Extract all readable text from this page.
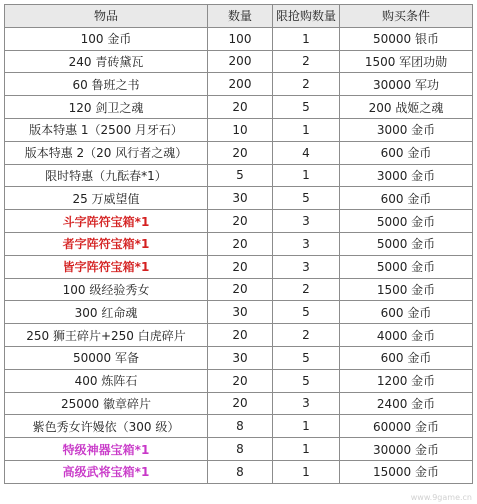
物品	数量	限抢购数量	购买条件
100 金币	100	1	50000 银币
240 青砖黛瓦	200	2	1500 军团功勋
60 鲁班之书	200	2	30000 军功
120 剑卫之魂	20	5	200 战姬之魂
版本特惠 1（2500 月牙石）	10	1	3000 金币
版本特惠 2（20 风行者之魂）	20	4	600 金币
限时特惠（九酝春*1）	5	1	3000 金币
25 万威望值	30	5	600 金币
斗字阵符宝箱*1	20	3	5000 金币
者字阵符宝箱*1	20	3	5000 金币
皆字阵符宝箱*1	20	3	5000 金币
100 级经验秀女	20	2	1500 金币
300 红命魂	30	5	600 金币
250 狮王碎片+250 白虎碎片	20	2	4000 金币
50000 军备	30	5	600 金币
400 炼阵石	20	5	1200 金币
25000 徽章碎片	20	3	2400 金币
紫色秀女许嫚依（300 级）	8	1	60000 金币
特级神器宝箱*1	8	1	30000 金币
高级武将宝箱*1	8	1	15000 金币
www.9game.cn
